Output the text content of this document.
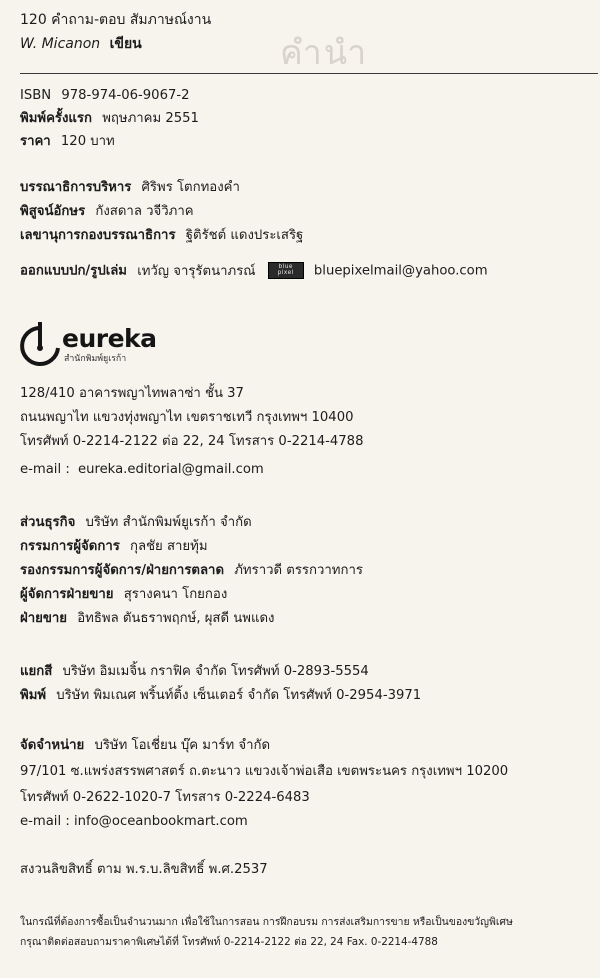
คำนำ
120 คำถาม-ตอบ สัมภาษณ์งาน
W. Micanon เขียน
ISBN 978-974-06-9067-2
พิมพ์ครั้งแรก พฤษภาคม 2551
ราคา 120 บาท
บรรณาธิการบริหาร ศิริพร โตกทองคำ
พิสูจน์อักษร กังสดาล วจีวิภาค
เลขานุการกองบรรณาธิการ ฐิติรัชต์ แดงประเสริฐ
ออกแบบปก/รูปเล่ม เทวัญ จารุรัตนาภรณ์	blue
pixel	bluepixelmail@yahoo.com
eureka
สำนักพิมพ์ยูเรก้า
128/410 อาคารพญาไทพลาซ่า ชั้น 37
ถนนพญาไท แขวงทุ่งพญาไท เขตราชเทวี กรุงเทพฯ 10400
โทรศัพท์ 0-2214-2122 ต่อ 22, 24 โทรสาร 0-2214-4788
e-mail : eureka.editorial@gmail.com
ส่วนธุรกิจ บริษัท สำนักพิมพ์ยูเรก้า จำกัด
กรรมการผู้จัดการ กุลชัย สายทุ้ม
รองกรรมการผู้จัดการ/ฝ่ายการตลาด ภัทราวดี ตรรกวาทการ
ผู้จัดการฝ่ายขาย สุรางคนา โกยกอง
ฝ่ายขาย อิทธิพล ตันธราพฤกษ์, ผุสดี นพแดง
แยกสี บริษัท อิมเมจิ้น กราฟิค จำกัด โทรศัพท์ 0-2893-5554
พิมพ์ บริษัท พิมเณศ พริ้นท์ติ้ง เซ็นเตอร์ จำกัด โทรศัพท์ 0-2954-3971
จัดจำหน่าย บริษัท โอเชี่ยน บุ๊ค มาร์ท จำกัด
97/101 ซ.แพร่งสรรพศาสตร์ ถ.ตะนาว แขวงเจ้าพ่อเสือ เขตพระนคร กรุงเทพฯ 10200
โทรศัพท์ 0-2622-1020-7 โทรสาร 0-2224-6483
e-mail : info@oceanbookmart.com
สงวนลิขสิทธิ์ ตาม พ.ร.บ.ลิขสิทธิ์ พ.ศ.2537
ในกรณีที่ต้องการซื้อเป็นจำนวนมาก เพื่อใช้ในการสอน การฝึกอบรม การส่งเสริมการขาย หรือเป็นของขวัญพิเศษ
กรุณาติดต่อสอบถามราคาพิเศษได้ที่ โทรศัพท์ 0-2214-2122 ต่อ 22, 24 Fax. 0-2214-4788
